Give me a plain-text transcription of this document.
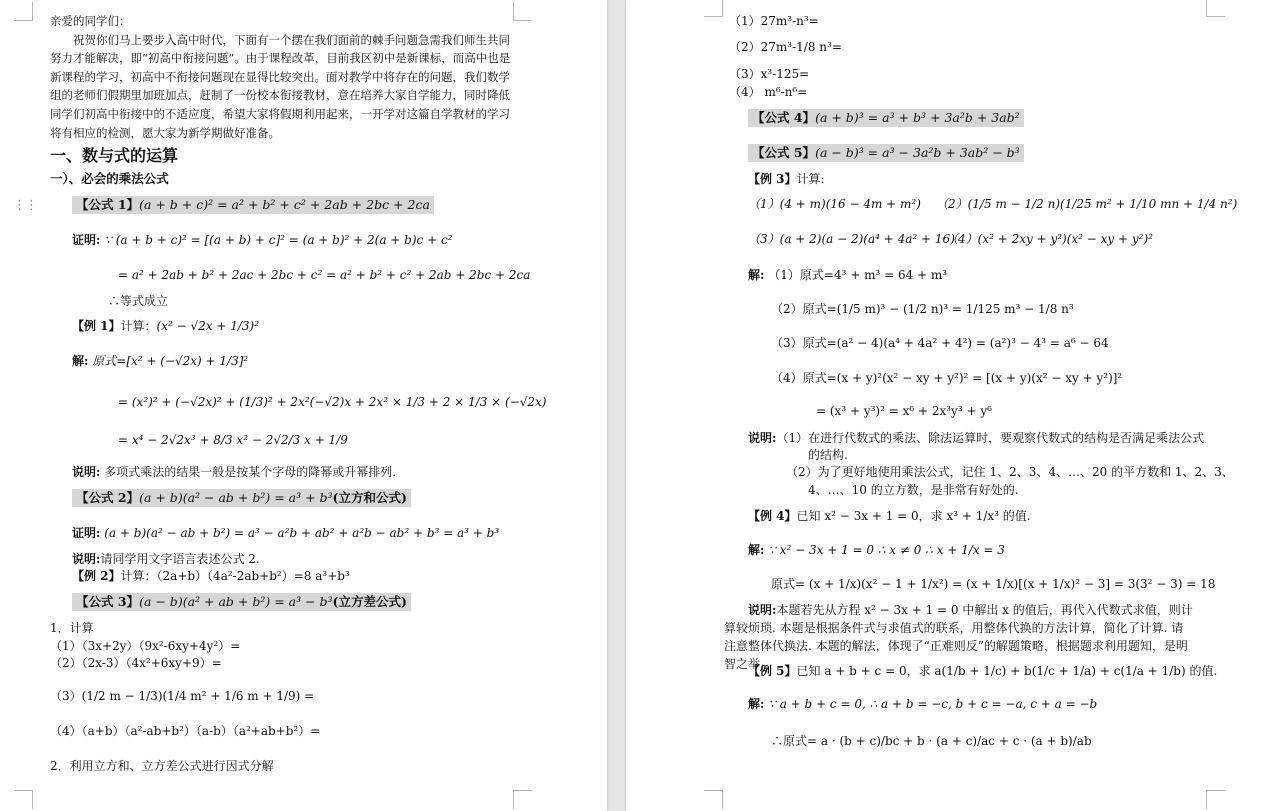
⋮⋮

亲爱的同学们：

祝贺你们马上要步入高中时代，下面有一个摆在我们面前的棘手问题急需我们师生共同努力才能解决，即“初高中衔接问题”。由于课程改革，目前我区初中是新课标，而高中也是新课程的学习，初高中不衔接问题现在显得比较突出。面对教学中将存在的问题，我们数学组的老师们假期里加班加点，赶制了一份校本衔接教材，意在培养大家自学能力，同时降低同学们初高中衔接中的不适应度，希望大家将假期利用起来，一开学对这篇自学教材的学习将有相应的检测，愿大家为新学期做好准备。

一、数与式的运算
一）、必会的乘法公式
【公式 1】(a + b + c)² = a² + b² + c² + 2ab + 2bc + 2ca
证明: ∵ (a + b + c)² = [(a + b) + c]² = (a + b)² + 2(a + b)c + c²
= a² + 2ab + b² + 2ac + 2bc + c² = a² + b² + c² + 2ab + 2bc + 2ca
∴等式成立
【例 1】计算：(x² − √2x + 1/3)²
解: 原式=[x² + (−√2x) + 1/3]²
= (x²)² + (−√2x)² + (1/3)² + 2x²(−√2)x + 2x² × 1/3 + 2 × 1/3 × (−√2x)
= x⁴ − 2√2x³ + 8/3 x² − 2√2/3 x + 1/9
说明: 多项式乘法的结果一般是按某个字母的降幂或升幂排列.
【公式 2】(a + b)(a² − ab + b²) = a³ + b³(立方和公式)
证明: (a + b)(a² − ab + b²) = a³ − a²b + ab² + a²b − ab² + b³ = a³ + b³
说明:请同学用文字语言表述公式 2.
【例 2】计算：（2a+b）（4a²-2ab+b²）=8 a³+b³
【公式 3】(a − b)(a² + ab + b²) = a³ − b³(立方差公式)
1．计算
（1）（3x+2y）（9x²-6xy+4y²）=
（2）（2x-3）（4x²+6xy+9）=
（3）(1/2 m − 1/3)(1/4 m² + 1/6 m + 1/9) =
（4）（a+b）（a²-ab+b²）（a-b）（a²+ab+b²）=
2．利用立方和、立方差公式进行因式分解
（1）27m³-n³=
（2）27m³-1/8 n³=
（3）x³-125=
（4） m⁶-n⁶=
【公式 4】(a + b)³ = a³ + b³ + 3a²b + 3ab²
【公式 5】(a − b)³ = a³ − 3a²b + 3ab² − b³
【例 3】计算:
（1）(4 + m)(16 − 4m + m²) （2）(1/5 m − 1/2 n)(1/25 m² + 1/10 mn + 1/4 n²)
（3）(a + 2)(a − 2)(a⁴ + 4a² + 16)
（4）(x² + 2xy + y²)(x² − xy + y²)²
解: （1）原式=4³ + m³ = 64 + m³
（2）原式=(1/5 m)³ − (1/2 n)³ = 1/125 m³ − 1/8 n³
（3）原式=(a² − 4)(a⁴ + 4a² + 4²) = (a²)³ − 4³ = a⁶ − 64
（4）原式=(x + y)²(x² − xy + y²)² = [(x + y)(x² − xy + y²)]²
= (x³ + y³)² = x⁶ + 2x³y³ + y⁶
说明:（1）在进行代数式的乘法、除法运算时，要观察代数式的结构是否满足乘法公式
的结构.
（2）为了更好地使用乘法公式，记住 1、2、3、4、…、20 的平方数和 1、2、3、
4、…、10 的立方数，是非常有好处的.
【例 4】已知 x² − 3x + 1 = 0，求 x³ + 1/x³ 的值.
解: ∵ x² − 3x + 1 = 0 ∴ x ≠ 0 ∴ x + 1/x = 3
原式= (x + 1/x)(x² − 1 + 1/x²) = (x + 1/x)[(x + 1/x)² − 3] = 3(3² − 3) = 18
说明:本题若先从方程 x² − 3x + 1 = 0 中解出 x 的值后，再代入代数式求值，则计算较烦琐. 本题是根据条件式与求值式的联系，用整体代换的方法计算，简化了计算. 请注意整体代换法. 本题的解法，体现了“正难则反”的解题策略，根据题求利用题知，是明智之举.
【例 5】已知 a + b + c = 0，求 a(1/b + 1/c) + b(1/c + 1/a) + c(1/a + 1/b) 的值.
解: ∵ a + b + c = 0, ∴ a + b = −c, b + c = −a, c + a = −b
∴原式= a · (b + c)/bc + b · (a + c)/ac + c · (a + b)/ab
